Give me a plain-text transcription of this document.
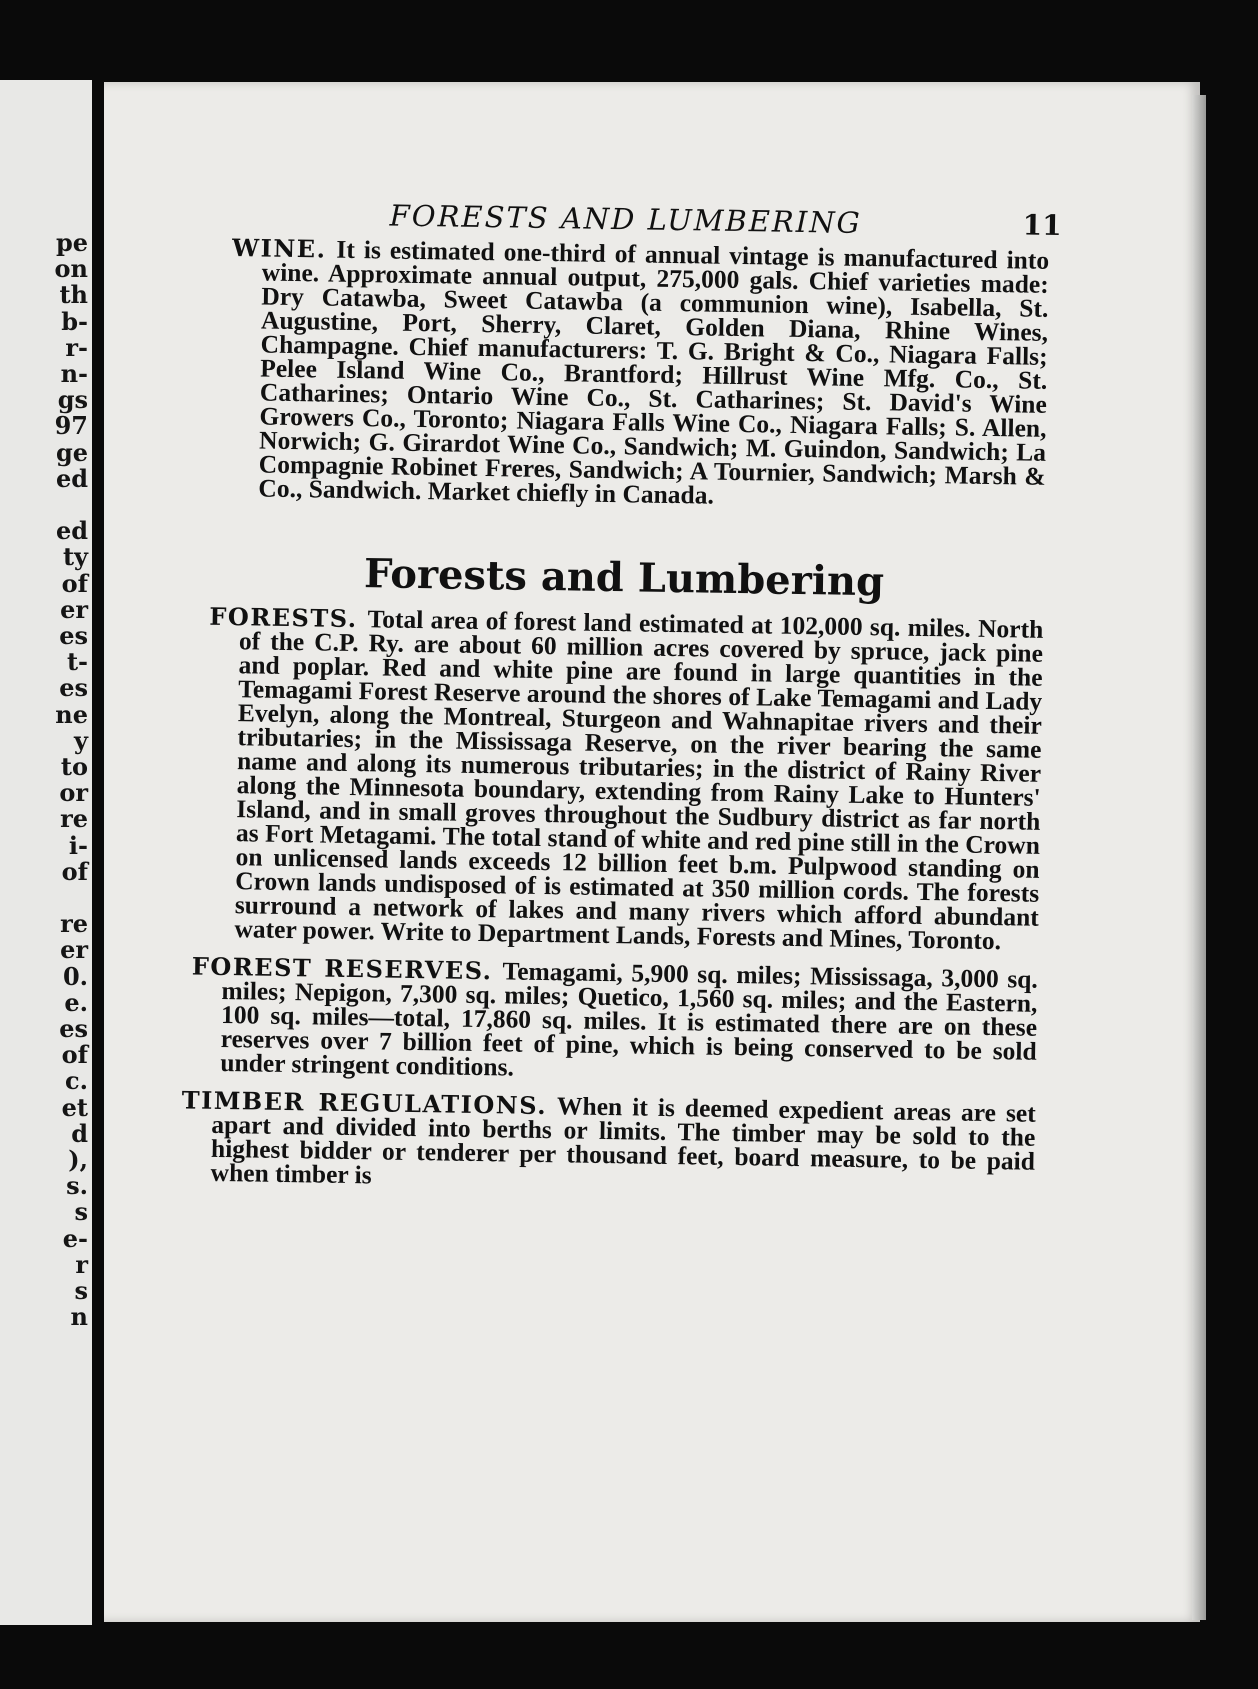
pe
on
th
b-
r-
n-
gs
97
ge
ed
ed
ty
of
er
es
t-
es
ne
y
to
or
re
i-
of
re
er
0.
e.
es
of
c.
et
d
),
s.
s
e-
r
s
n
FORESTS AND LUMBERING	11

WINE. It is estimated one-third of annual vintage is manufactured into wine. Approximate annual output, 275,000 gals. Chief varieties made: Dry Catawba, Sweet Catawba (a communion wine), Isabella, St. Augustine, Port, Sherry, Claret, Golden Diana, Rhine Wines, Champagne. Chief manufacturers: T. G. Bright & Co., Niagara Falls; Pelee Island Wine Co., Brantford; Hillrust Wine Mfg. Co., St. Catharines; Ontario Wine Co., St. Catharines; St. David's Wine Growers Co., Toronto; Niagara Falls Wine Co., Niagara Falls; S. Allen, Norwich; G. Girardot Wine Co., Sandwich; M. Guindon, Sandwich; La Compagnie Robinet Freres, Sandwich; A Tournier, Sandwich; Marsh & Co., Sandwich. Market chiefly in Canada.

Forests and Lumbering

FORESTS. Total area of forest land estimated at 102,000 sq. miles. North of the C.P. Ry. are about 60 million acres covered by spruce, jack pine and poplar. Red and white pine are found in large quantities in the Temagami Forest Reserve around the shores of Lake Temagami and Lady Evelyn, along the Montreal, Sturgeon and Wahnapitae rivers and their tributaries; in the Mississaga Reserve, on the river bearing the same name and along its numerous tributaries; in the district of Rainy River along the Minnesota boundary, extending from Rainy Lake to Hunters' Island, and in small groves throughout the Sudbury district as far north as Fort Metagami. The total stand of white and red pine still in the Crown on unlicensed lands exceeds 12 billion feet b.m. Pulpwood standing on Crown lands undisposed of is estimated at 350 million cords. The forests surround a network of lakes and many rivers which afford abundant water power. Write to Department Lands, Forests and Mines, Toronto.

FOREST RESERVES. Temagami, 5,900 sq. miles; Mississaga, 3,000 sq. miles; Nepigon, 7,300 sq. miles; Quetico, 1,560 sq. miles; and the Eastern, 100 sq. miles—total, 17,860 sq. miles. It is estimated there are on these reserves over 7 billion feet of pine, which is being conserved to be sold under stringent conditions.

TIMBER REGULATIONS. When it is deemed expedient areas are set apart and divided into berths or limits. The timber may be sold to the highest bidder or tenderer per thousand feet, board measure, to be paid when timber is
